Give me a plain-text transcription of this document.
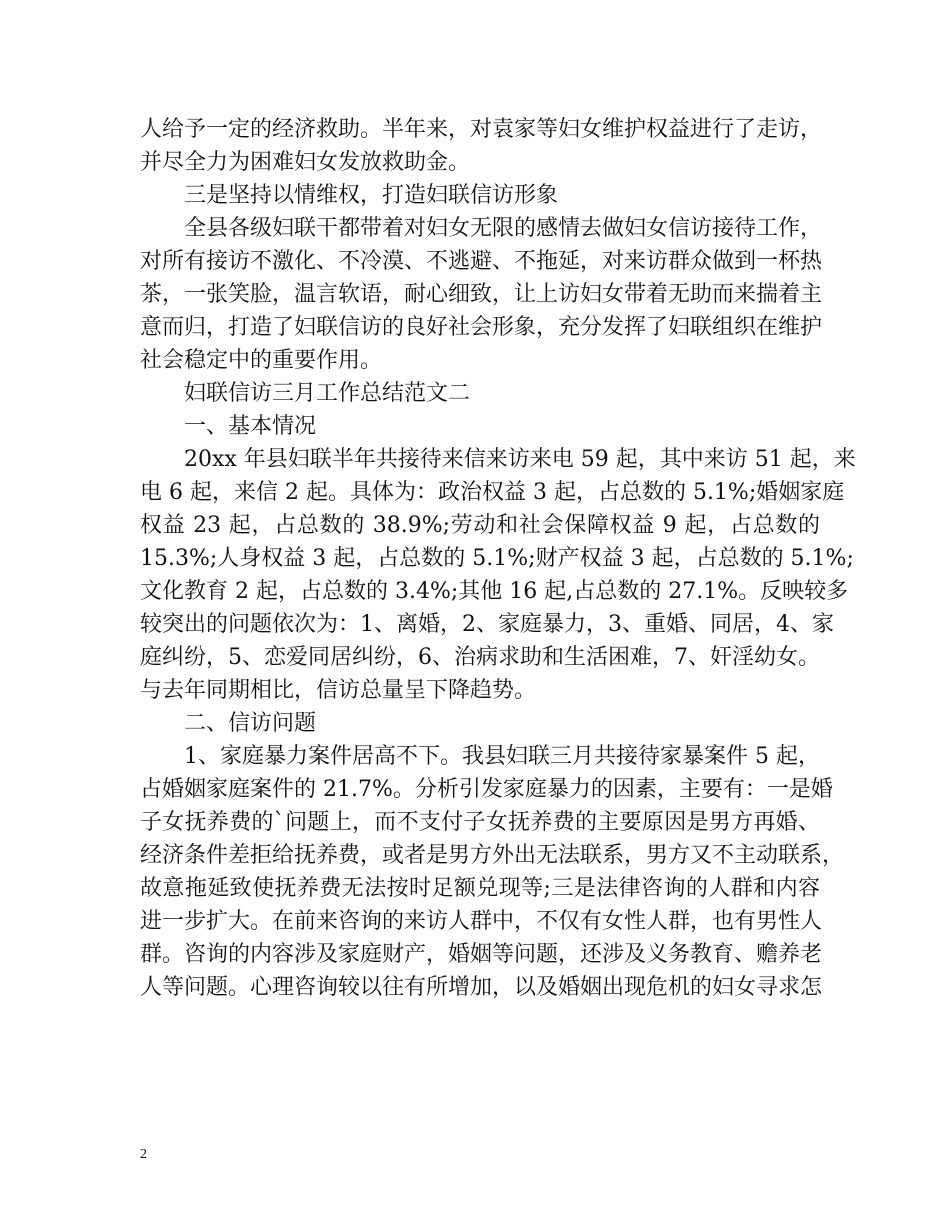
人给予一定的经济救助。半年来，对袁家等妇女维护权益进行了走访，
并尽全力为困难妇女发放救助金。
三是坚持以情维权，打造妇联信访形象
全县各级妇联干都带着对妇女无限的感情去做妇女信访接待工作，
对所有接访不激化、不冷漠、不逃避、不拖延，对来访群众做到一杯热
茶，一张笑脸，温言软语，耐心细致，让上访妇女带着无助而来揣着主
意而归，打造了妇联信访的良好社会形象，充分发挥了妇联组织在维护
社会稳定中的重要作用。
妇联信访三月工作总结范文二
一、基本情况
20xx 年县妇联半年共接待来信来访来电 59 起，其中来访 51 起，来
电 6 起，来信 2 起。具体为：政治权益 3 起，占总数的 5.1%;婚姻家庭
权益 23 起，占总数的 38.9%;劳动和社会保障权益 9 起，占总数的
15.3%;人身权益 3 起，占总数的 5.1%;财产权益 3 起，占总数的 5.1%;
文化教育 2 起，占总数的 3.4%;其他 16 起,占总数的 27.1%。反映较多
较突出的问题依次为：1、离婚，2、家庭暴力，3、重婚、同居，4、家
庭纠纷，5、恋爱同居纠纷，6、治病求助和生活困难，7、奸淫幼女。
与去年同期相比，信访总量呈下降趋势。
二、信访问题
1、家庭暴力案件居高不下。我县妇联三月共接待家暴案件 5 起，
占婚姻家庭案件的 21.7%。分析引发家庭暴力的因素，主要有：一是婚
子女抚养费的`问题上，而不支付子女抚养费的主要原因是男方再婚、
经济条件差拒给抚养费，或者是男方外出无法联系，男方又不主动联系，
故意拖延致使抚养费无法按时足额兑现等;三是法律咨询的人群和内容
进一步扩大。在前来咨询的来访人群中，不仅有女性人群，也有男性人
群。咨询的内容涉及家庭财产，婚姻等问题，还涉及义务教育、赡养老
人等问题。心理咨询较以往有所增加，以及婚姻出现危机的妇女寻求怎
2
